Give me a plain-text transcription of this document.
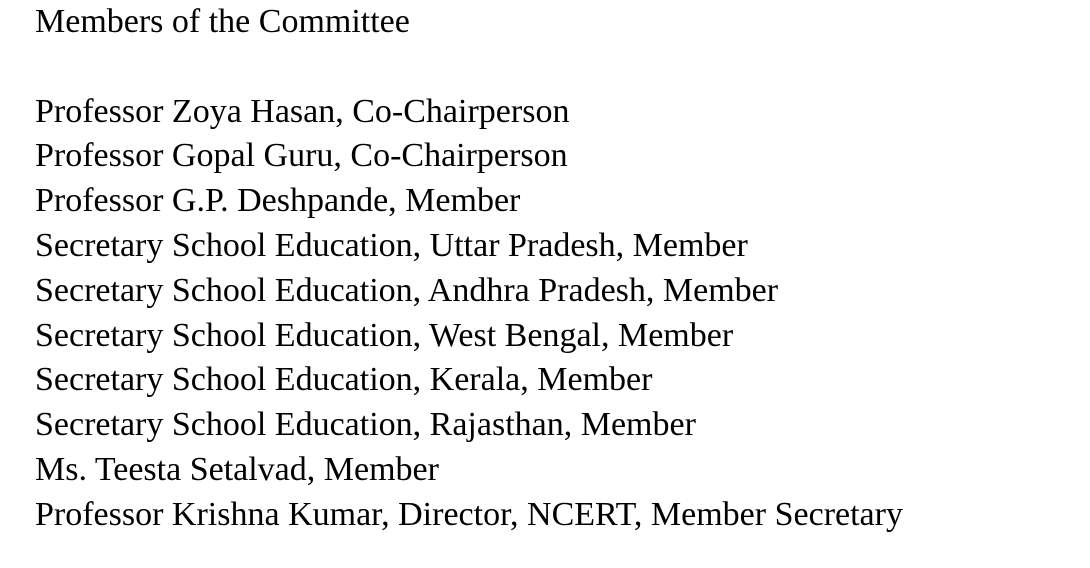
Members of the Committee
Professor Zoya Hasan, Co-Chairperson
Professor Gopal Guru, Co-Chairperson
Professor G.P. Deshpande, Member
Secretary School Education, Uttar Pradesh, Member
Secretary School Education, Andhra Pradesh, Member
Secretary School Education, West Bengal, Member
Secretary School Education, Kerala, Member
Secretary School Education, Rajasthan, Member
Ms. Teesta Setalvad, Member
Professor Krishna Kumar, Director, NCERT, Member Secretary
